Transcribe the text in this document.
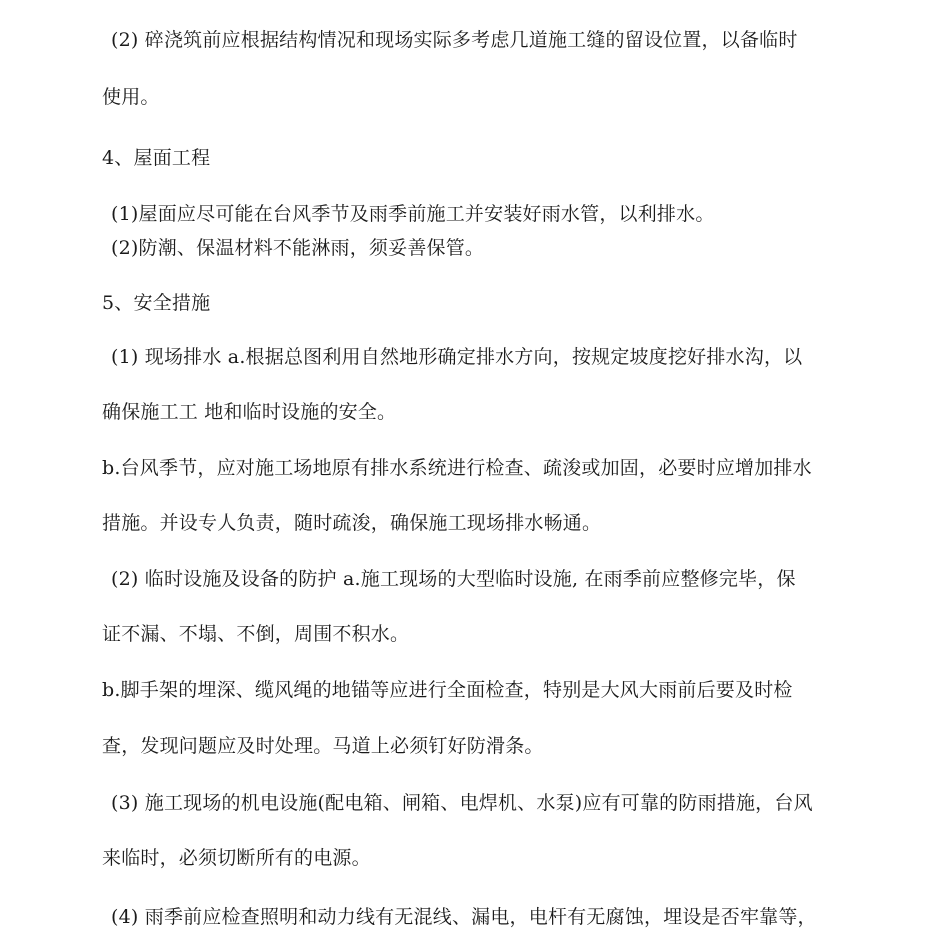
(2) 碎浇筑前应根据结构情况和现场实际多考虑几道施工缝的留设位置，以备临时
使用。
4、屋面工程
(1)屋面应尽可能在台风季节及雨季前施工并安装好雨水管，以利排水。
(2)防潮、保温材料不能淋雨，须妥善保管。
5、安全措施
(1) 现场排水 a.根据总图利用自然地形确定排水方向，按规定坡度挖好排水沟，以
确保施工工 地和临时设施的安全。
b.台风季节，应对施工场地原有排水系统进行检查、疏浚或加固，必要时应增加排水
措施。并设专人负责，随时疏浚，确保施工现场排水畅通。
(2) 临时设施及设备的防护 a.施工现场的大型临时设施, 在雨季前应整修完毕，保
证不漏、不塌、不倒，周围不积水。
b.脚手架的埋深、缆风绳的地锚等应进行全面检查，特别是大风大雨前后要及时检
查，发现问题应及时处理。马道上必须钉好防滑条。
(3) 施工现场的机电设施(配电箱、闸箱、电焊机、水泵)应有可靠的防雨措施，台风
来临时，必须切断所有的电源。
(4) 雨季前应检查照明和动力线有无混线、漏电，电杆有无腐蚀，埋设是否牢靠等，
